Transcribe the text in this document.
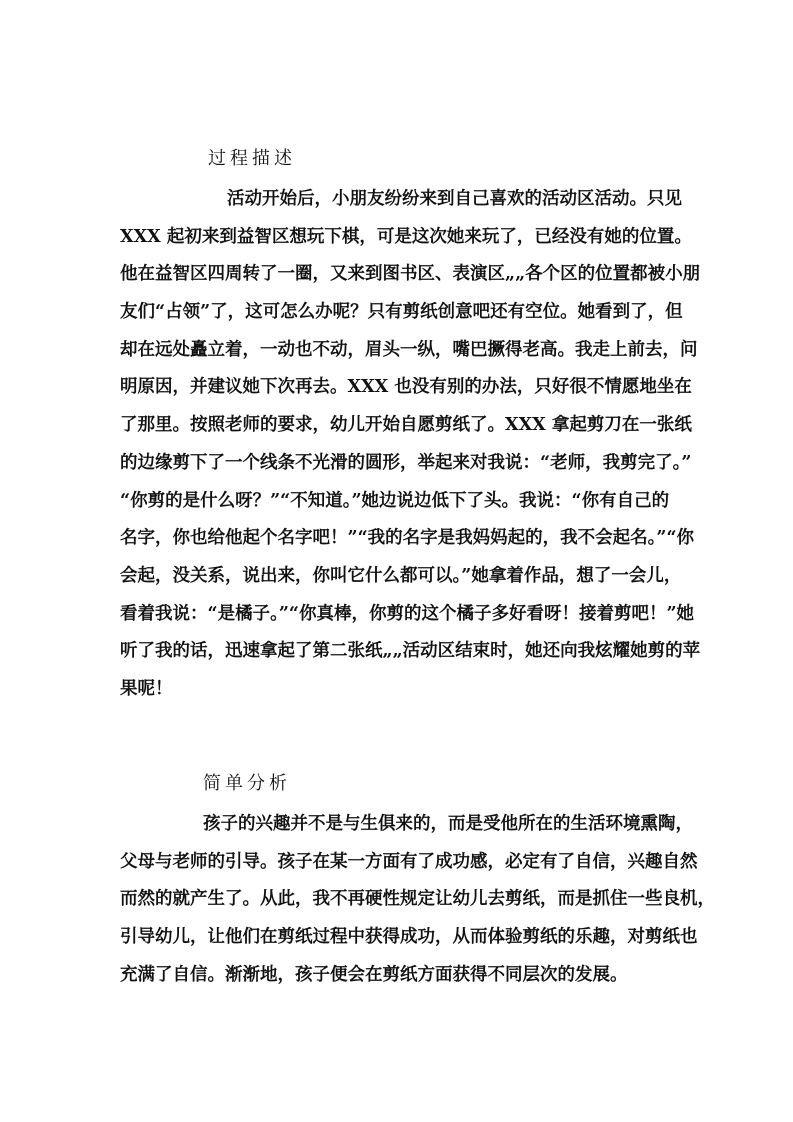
过程描述
活动开始后，小朋友纷纷来到自己喜欢的活动区活动。只见
XXX 起初来到益智区想玩下棋，可是这次她来玩了，已经没有她的位置。
他在益智区四周转了一圈，又来到图书区、表演区„„各个区的位置都被小朋
友们“占领”了，这可怎么办呢？只有剪纸创意吧还有空位。她看到了，但
却在远处矗立着，一动也不动，眉头一纵，嘴巴撅得老高。我走上前去，问
明原因，并建议她下次再去。XXX 也没有别的办法，只好很不情愿地坐在
了那里。按照老师的要求，幼儿开始自愿剪纸了。XXX 拿起剪刀在一张纸
的边缘剪下了一个线条不光滑的圆形，举起来对我说：“老师，我剪完了。”
“你剪的是什么呀？”“不知道。”她边说边低下了头。我说：“你有自己的
名字，你也给他起个名字吧！”“我的名字是我妈妈起的，我不会起名。”“你
会起，没关系，说出来，你叫它什么都可以。”她拿着作品，想了一会儿，
看着我说：“是橘子。”“你真棒，你剪的这个橘子多好看呀！接着剪吧！”她
听了我的话，迅速拿起了第二张纸„„活动区结束时，她还向我炫耀她剪的苹
果呢！
简单分析
孩子的兴趣并不是与生俱来的，而是受他所在的生活环境熏陶，
父母与老师的引导。孩子在某一方面有了成功感，必定有了自信，兴趣自然
而然的就产生了。从此，我不再硬性规定让幼儿去剪纸，而是抓住一些良机，
引导幼儿，让他们在剪纸过程中获得成功，从而体验剪纸的乐趣，对剪纸也
充满了自信。渐渐地，孩子便会在剪纸方面获得不同层次的发展。
